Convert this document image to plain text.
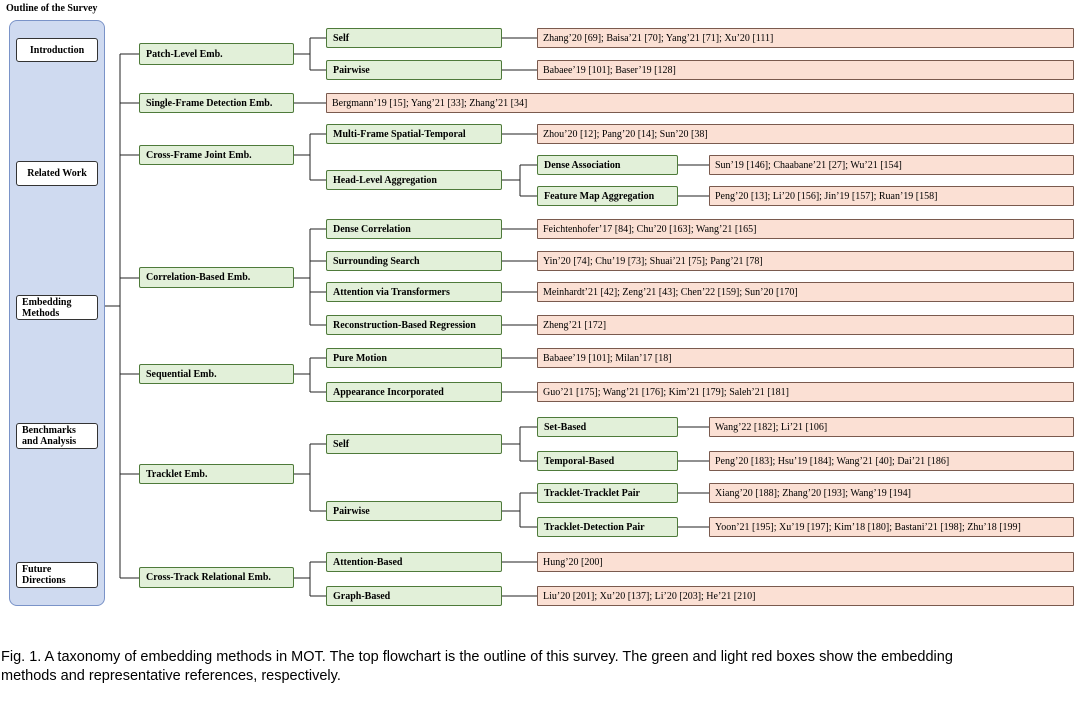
Outline of the Survey
Introduction
Related Work
Embedding
Methods
Benchmarks
and Analysis
Future
Directions
Patch-Level Emb.
Single-Frame Detection Emb.
Cross-Frame Joint Emb.
Correlation-Based Emb.
Sequential Emb.
Tracklet Emb.
Cross-Track Relational Emb.
Self
Pairwise
Multi-Frame Spatial-Temporal
Head-Level Aggregation
Dense Correlation
Surrounding Search
Attention via Transformers
Reconstruction-Based Regression
Pure Motion
Appearance Incorporated
Self
Pairwise
Attention-Based
Graph-Based
Dense Association
Feature Map Aggregation
Set-Based
Temporal-Based
Tracklet-Tracklet Pair
Tracklet-Detection Pair
Zhang’20 [69]; Baisa’21 [70]; Yang’21 [71]; Xu’20 [111]
Babaee’19 [101]; Baser’19 [128]
Bergmann’19 [15]; Yang’21 [33]; Zhang’21 [34]
Zhou’20 [12]; Pang’20 [14]; Sun’20 [38]
Sun’19 [146]; Chaabane’21 [27]; Wu’21 [154]
Peng’20 [13]; Li’20 [156]; Jin’19 [157]; Ruan’19 [158]
Feichtenhofer’17 [84]; Chu’20 [163]; Wang’21 [165]
Yin’20 [74]; Chu’19 [73]; Shuai’21 [75]; Pang’21 [78]
Meinhardt’21 [42]; Zeng’21 [43]; Chen’22 [159]; Sun’20 [170]
Zheng’21 [172]
Babaee’19 [101]; Milan’17 [18]
Guo’21 [175]; Wang’21 [176]; Kim’21 [179]; Saleh’21 [181]
Wang’22 [182]; Li’21 [106]
Peng’20 [183]; Hsu’19 [184]; Wang’21 [40]; Dai’21 [186]
Xiang’20 [188]; Zhang’20 [193]; Wang’19 [194]
Yoon’21 [195]; Xu’19 [197]; Kim’18 [180]; Bastani’21 [198]; Zhu’18 [199]
Hung’20 [200]
Liu’20 [201]; Xu’20 [137]; Li’20 [203]; He’21 [210]
Fig. 1. A taxonomy of embedding methods in MOT. The top flowchart is the outline of this survey. The green and light red boxes show the embedding
methods and representative references, respectively.
